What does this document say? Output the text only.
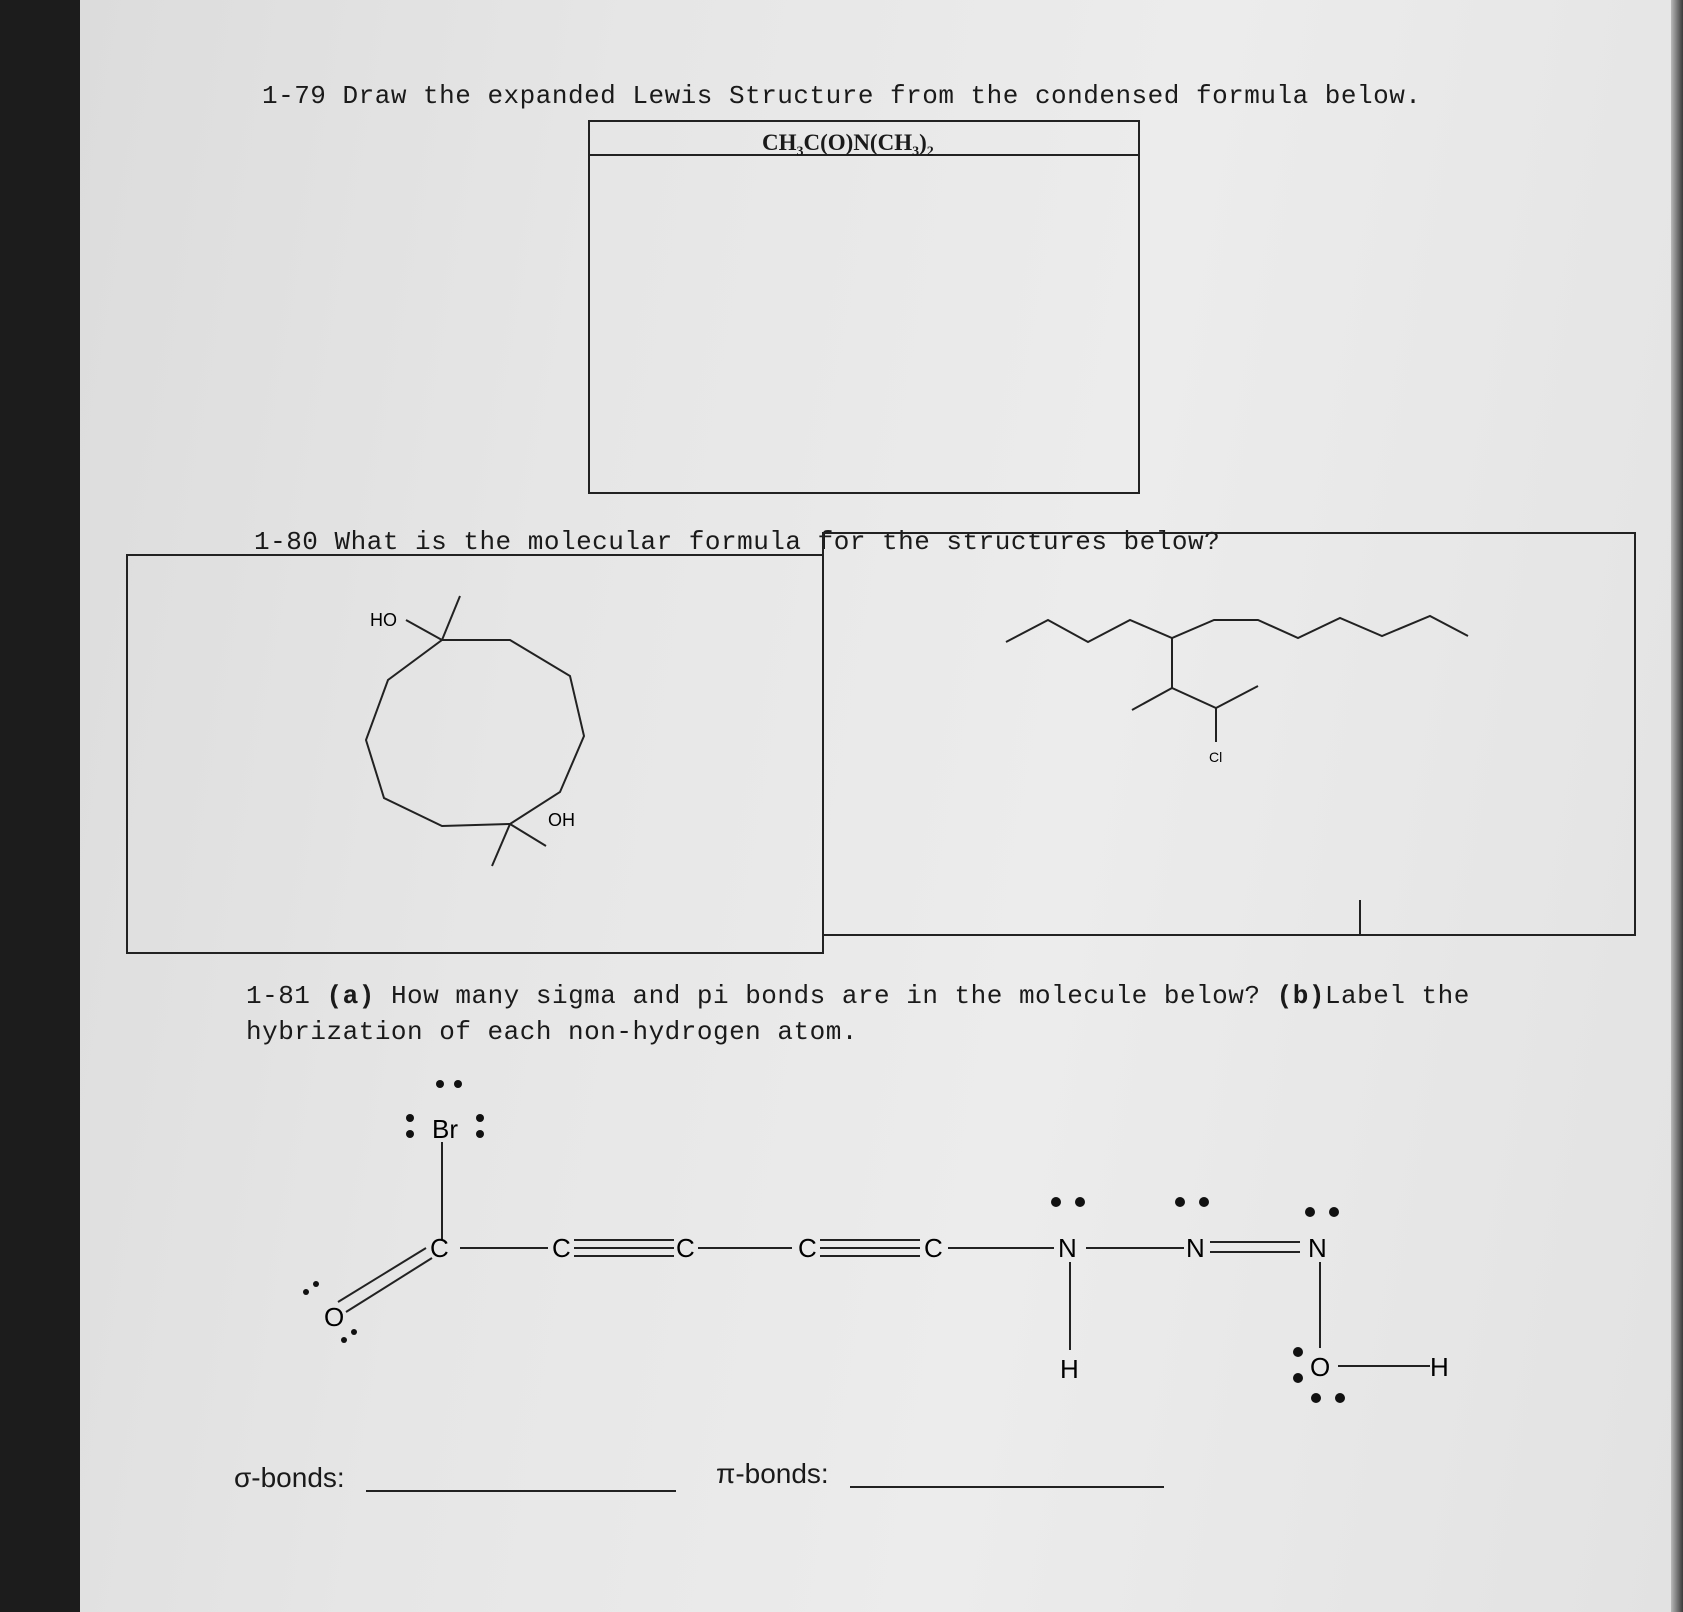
1-79 Draw the expanded Lewis Structure from the condensed formula below.
$CH_3C(O)N(CH_3)_2$
1-80 What is the molecular formula for the structures below?
HO
OH
Cl
1-81 (a) How many sigma and pi bonds are in the molecule below? (b)Label the
hybrization of each non-hydrogen atom.
Br
C
O
C	C	C	C	N
H
N	N
O	H
σ-bonds:	π-bonds:
